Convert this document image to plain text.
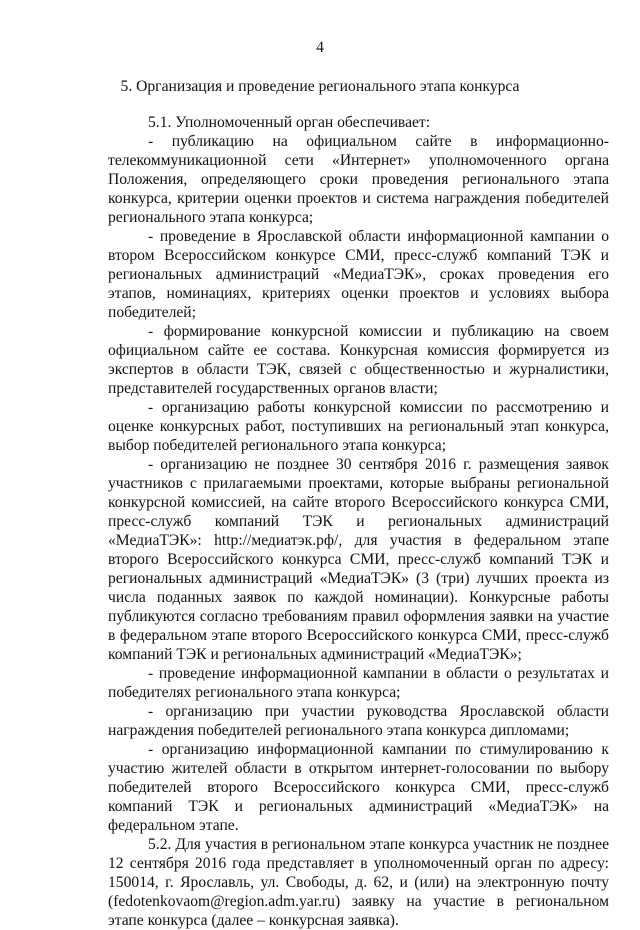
4
5. Организация и проведение регионального этапа конкурса

5.1. Уполномоченный орган обеспечивает:

- публикацию на официальном сайте в информационно-телекоммуникационной сети «Интернет» уполномоченного органа Положения, определяющего сроки проведения регионального этапа конкурса, критерии оценки проектов и система награждения победителей регионального этапа конкурса;

- проведение в Ярославской области информационной кампании о втором Всероссийском конкурсе СМИ, пресс-служб компаний ТЭК и региональных администраций «МедиаТЭК», сроках проведения его этапов, номинациях, критериях оценки проектов и условиях выбора победителей;

- формирование конкурсной комиссии и публикацию на своем официальном сайте ее состава. Конкурсная комиссия формируется из экспертов в области ТЭК, связей с общественностью и журналистики, представителей государственных органов власти;

- организацию работы конкурсной комиссии по рассмотрению и оценке конкурсных работ, поступивших на региональный этап конкурса, выбор победителей регионального этапа конкурса;

- организацию не позднее 30 сентября 2016 г. размещения заявок участников с прилагаемыми проектами, которые выбраны региональной конкурсной комиссией, на сайте второго Всероссийского конкурса СМИ, пресс-служб компаний ТЭК и региональных администраций «МедиаТЭК»: http://медиатэк.рф/, для участия в федеральном этапе второго Всероссийского конкурса СМИ, пресс-служб компаний ТЭК и региональных администраций «МедиаТЭК» (3 (три) лучших проекта из числа поданных заявок по каждой номинации). Конкурсные работы публикуются согласно требованиям правил оформления заявки на участие в федеральном этапе второго Всероссийского конкурса СМИ, пресс-служб компаний ТЭК и региональных администраций «МедиаТЭК»;

- проведение информационной кампании в области о результатах и победителях регионального этапа конкурса;

- организацию при участии руководства Ярославской области награждения победителей регионального этапа конкурса дипломами;

- организацию информационной кампании по стимулированию к участию жителей области в открытом интернет-голосовании по выбору победителей второго Всероссийского конкурса СМИ, пресс-служб компаний ТЭК и региональных администраций «МедиаТЭК» на федеральном этапе.

5.2. Для участия в региональном этапе конкурса участник не позднее 12 сентября 2016 года представляет в уполномоченный орган по адресу: 150014, г. Ярославль, ул. Свободы, д. 62, и (или) на электронную почту (fedotenkovaom@region.adm.yar.ru) заявку на участие в региональном этапе конкурса (далее – конкурсная заявка).
